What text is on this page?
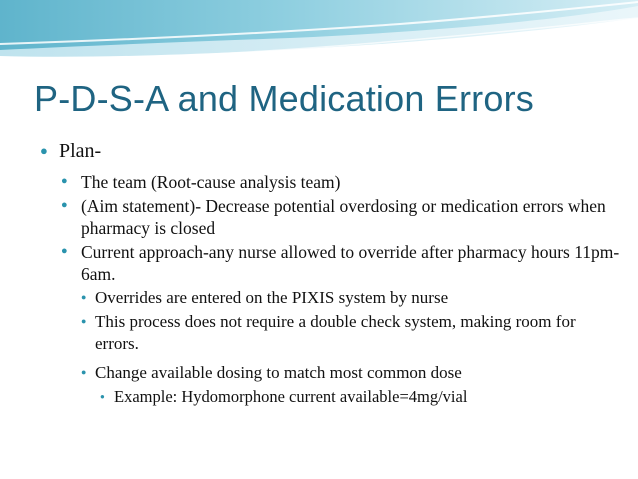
P-D-S-A and Medication Errors

● Plan-

● The team (Root-cause analysis team)

● (Aim statement)- Decrease potential overdosing or medication errors when pharmacy is closed

● Current approach-any nurse allowed to override after pharmacy hours 11pm-6am.

● Overrides are entered on the PIXIS system by nurse

● This process does not require a double check system, making room for errors.

● Change available dosing to match most common dose

● Example: Hydomorphone current available=4mg/vial
